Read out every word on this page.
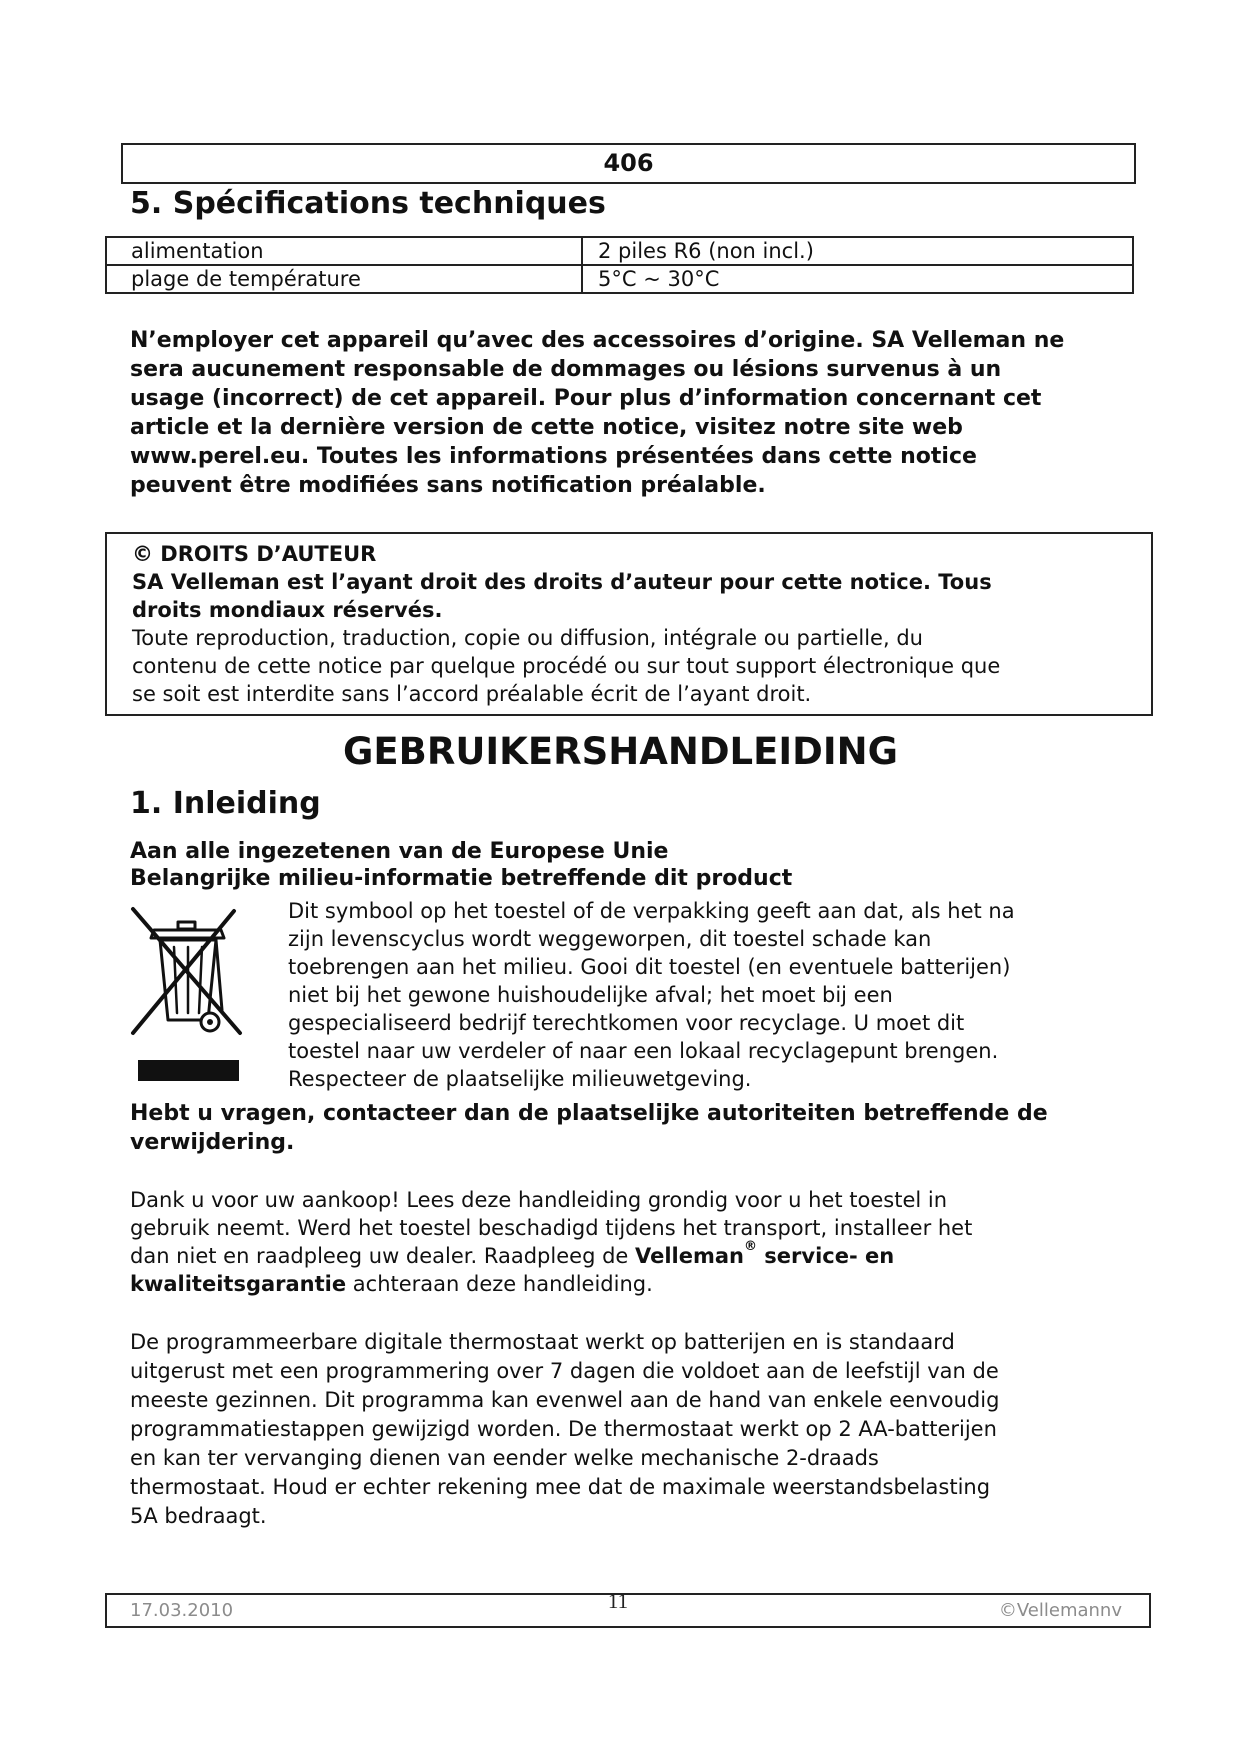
406
5. Spécifications techniques
alimentation	2 piles R6 (non incl.)
plage de température	5°C ~ 30°C
N’employer cet appareil qu’avec des accessoires d’origine. SA Velleman ne
sera aucunement responsable de dommages ou lésions survenus à un
usage (incorrect) de cet appareil. Pour plus d’information concernant cet
article et la dernière version de cette notice, visitez notre site web
www.perel.eu. Toutes les informations présentées dans cette notice
peuvent être modifiées sans notification préalable.
© DROITS D’AUTEUR
SA Velleman est l’ayant droit des droits d’auteur pour cette notice. Tous
droits mondiaux réservés.
Toute reproduction, traduction, copie ou diffusion, intégrale ou partielle, du
contenu de cette notice par quelque procédé ou sur tout support électronique que
se soit est interdite sans l’accord préalable écrit de l’ayant droit.
GEBRUIKERSHANDLEIDING
1. Inleiding
Aan alle ingezetenen van de Europese Unie
Belangrijke milieu-informatie betreffende dit product
Dit symbool op het toestel of de verpakking geeft aan dat, als het na
zijn levenscyclus wordt weggeworpen, dit toestel schade kan
toebrengen aan het milieu. Gooi dit toestel (en eventuele batterijen)
niet bij het gewone huishoudelijke afval; het moet bij een
gespecialiseerd bedrijf terechtkomen voor recyclage. U moet dit
toestel naar uw verdeler of naar een lokaal recyclagepunt brengen.
Respecteer de plaatselijke milieuwetgeving.
Hebt u vragen, contacteer dan de plaatselijke autoriteiten betreffende de
verwijdering.
Dank u voor uw aankoop! Lees deze handleiding grondig voor u het toestel in
gebruik neemt. Werd het toestel beschadigd tijdens het transport, installeer het
dan niet en raadpleeg uw dealer. Raadpleeg de Velleman® service- en
kwaliteitsgarantie achteraan deze handleiding.
De programmeerbare digitale thermostaat werkt op batterijen en is standaard
uitgerust met een programmering over 7 dagen die voldoet aan de leefstijl van de
meeste gezinnen. Dit programma kan evenwel aan de hand van enkele eenvoudig
programmatiestappen gewijzigd worden. De thermostaat werkt op 2 AA-batterijen
en kan ter vervanging dienen van eender welke mechanische 2-draads
thermostaat. Houd er echter rekening mee dat de maximale weerstandsbelasting
5A bedraagt.
17.03.2010	11	©Vellemannv
